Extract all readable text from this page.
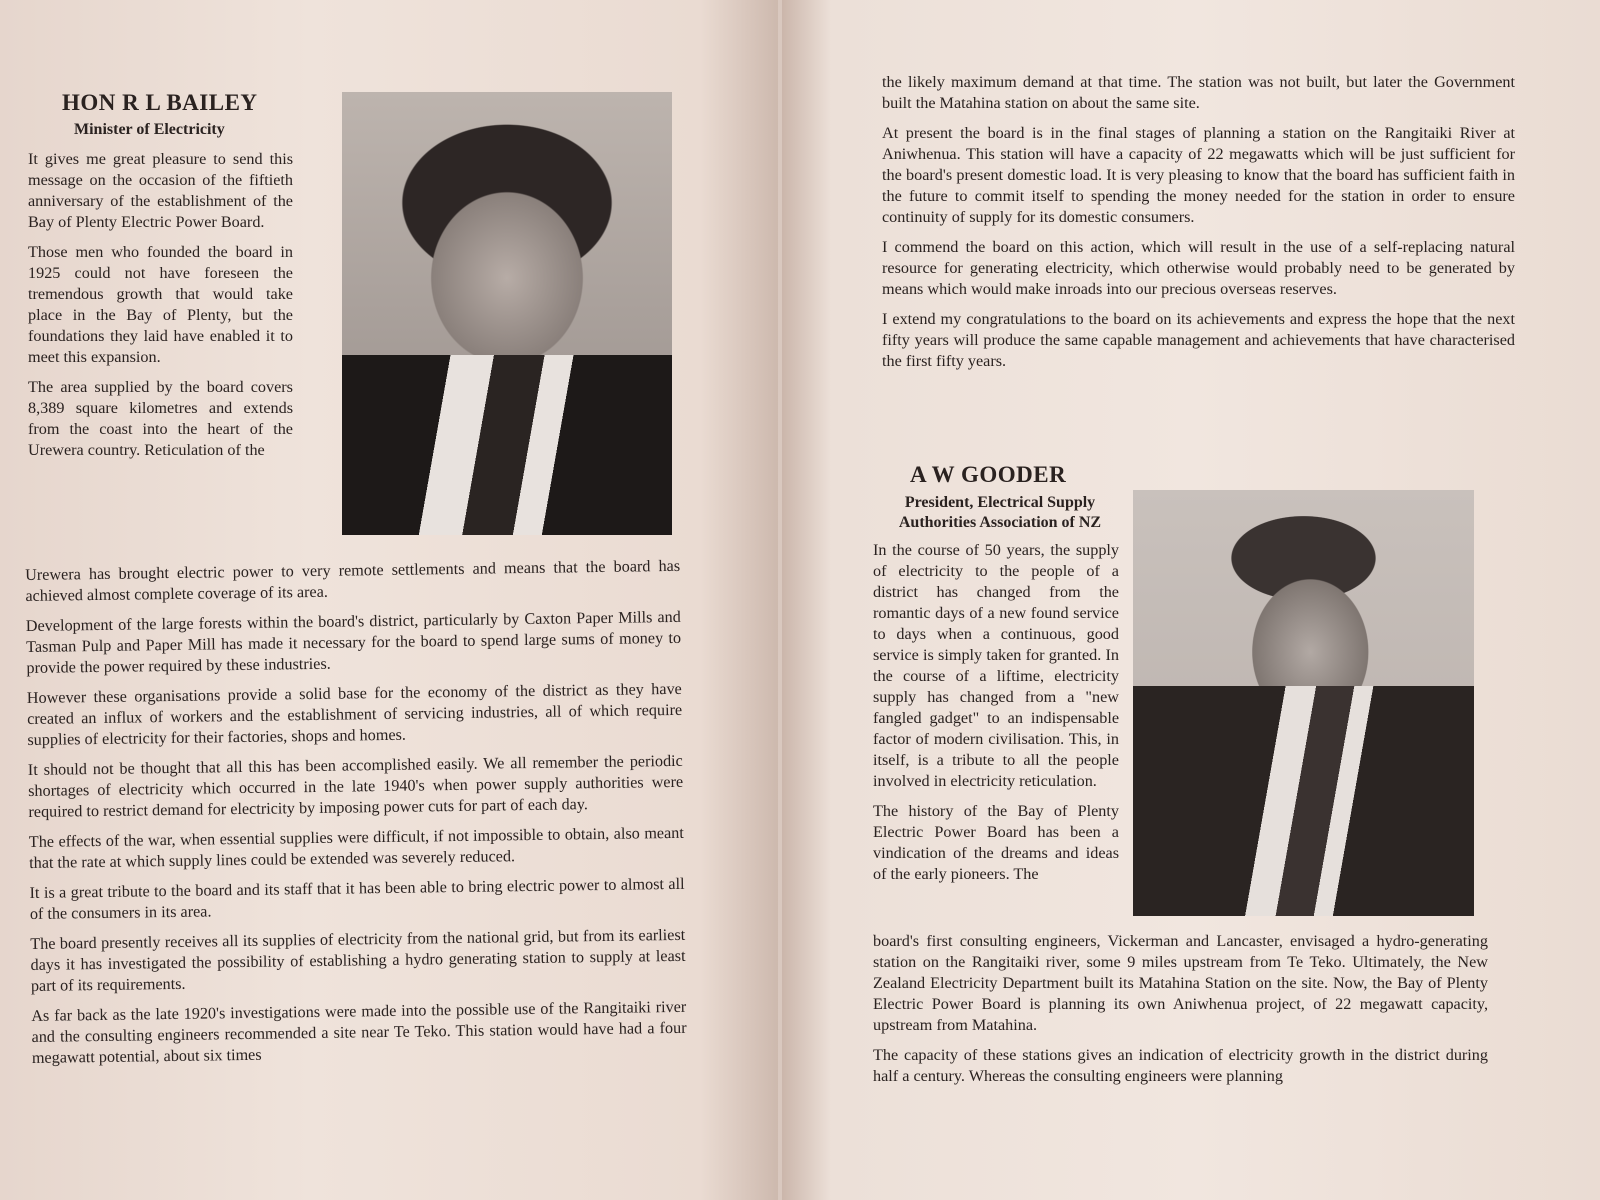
HON R L BAILEY
Minister of Electricity

It gives me great pleasure to send this message on the occasion of the fiftieth anniversary of the establishment of the Bay of Plenty Electric Power Board.

Those men who founded the board in 1925 could not have foreseen the tremendous growth that would take place in the Bay of Plenty, but the foundations they laid have enabled it to meet this expansion.

The area supplied by the board covers 8,389 square kilometres and extends from the coast into the heart of the Urewera country. Reticulation of the

Urewera has brought electric power to very remote settlements and means that the board has achieved almost complete coverage of its area.

Development of the large forests within the board's district, particularly by Caxton Paper Mills and Tasman Pulp and Paper Mill has made it necessary for the board to spend large sums of money to provide the power required by these industries.

However these organisations provide a solid base for the economy of the district as they have created an influx of workers and the establishment of servicing industries, all of which require supplies of electricity for their factories, shops and homes.

It should not be thought that all this has been accomplished easily. We all remember the periodic shortages of electricity which occurred in the late 1940's when power supply authorities were required to restrict demand for electricity by imposing power cuts for part of each day.

The effects of the war, when essential supplies were difficult, if not impossible to obtain, also meant that the rate at which supply lines could be extended was severely reduced.

It is a great tribute to the board and its staff that it has been able to bring electric power to almost all of the consumers in its area.

The board presently receives all its supplies of electricity from the national grid, but from its earliest days it has investigated the possibility of establishing a hydro generating station to supply at least part of its requirements.

As far back as the late 1920's investigations were made into the possible use of the Rangitaiki river and the consulting engineers recommended a site near Te Teko. This station would have had a four megawatt potential, about six times

the likely maximum demand at that time. The station was not built, but later the Government built the Matahina station on about the same site.

At present the board is in the final stages of planning a station on the Rangitaiki River at Aniwhenua. This station will have a capacity of 22 megawatts which will be just sufficient for the board's present domestic load. It is very pleasing to know that the board has sufficient faith in the future to commit itself to spending the money needed for the station in order to ensure continuity of supply for its domestic consumers.

I commend the board on this action, which will result in the use of a self-replacing natural resource for generating electricity, which otherwise would probably need to be generated by means which would make inroads into our precious overseas reserves.

I extend my congratulations to the board on its achievements and express the hope that the next fifty years will produce the same capable management and achievements that have characterised the first fifty years.

A W GOODER
President, Electrical Supply
Authorities Association of NZ

In the course of 50 years, the supply of electricity to the people of a district has changed from the romantic days of a new found service to days when a continuous, good service is simply taken for granted. In the course of a liftime, electricity supply has changed from a "new fangled gadget" to an indispensable factor of modern civilisation. This, in itself, is a tribute to all the people involved in electricity reticulation.

The history of the Bay of Plenty Electric Power Board has been a vindication of the dreams and ideas of the early pioneers. The

board's first consulting engineers, Vickerman and Lancaster, envisaged a hydro-generating station on the Rangitaiki river, some 9 miles upstream from Te Teko. Ultimately, the New Zealand Electricity Department built its Matahina Station on the site. Now, the Bay of Plenty Electric Power Board is planning its own Aniwhenua project, of 22 megawatt capacity, upstream from Matahina.

The capacity of these stations gives an indication of electricity growth in the district during half a century. Whereas the consulting engineers were planning
